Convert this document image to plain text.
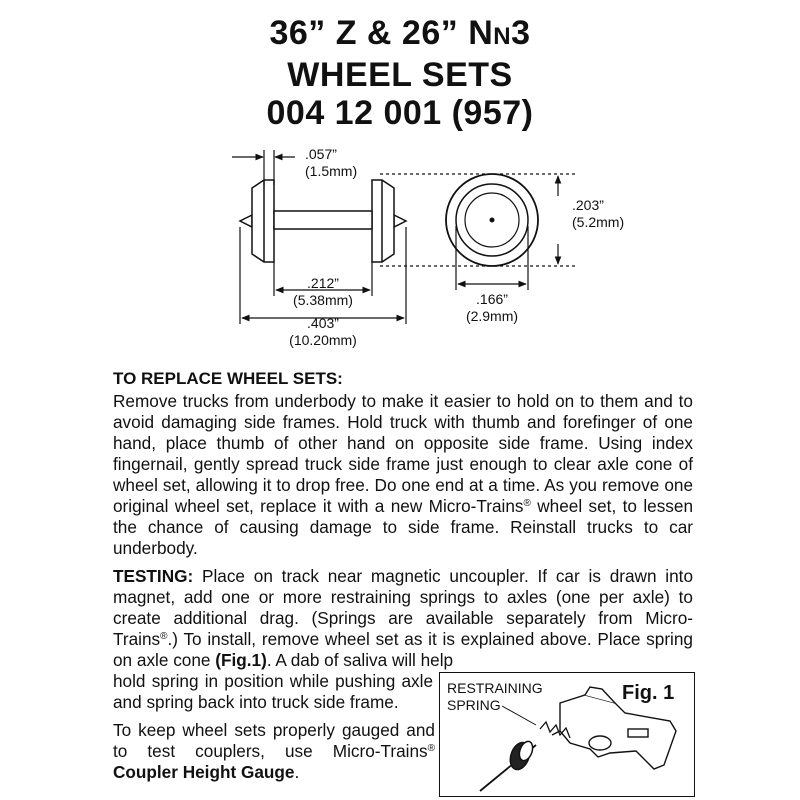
36” Z & 26” NN3
WHEEL SETS
004 12 001 (957)
.057”
(1.5mm)
.212”
(5.38mm)
.403”
(10.20mm)
.203”
(5.2mm)
.166”
(2.9mm)
TO REPLACE WHEEL SETS:

Remove trucks from underbody to make it easier to hold on to them and to avoid damaging side frames. Hold truck with thumb and forefinger of one hand, place thumb of other hand on opposite side frame. Using index fingernail, gently spread truck side frame just enough to clear axle cone of wheel set, allowing it to drop free. Do one end at a time. As you remove one original wheel set, replace it with a new Micro-Trains® wheel set, to lessen the chance of causing damage to side frame. Reinstall trucks to car underbody.

TESTING: Place on track near magnetic uncoupler. If car is drawn into magnet, add one or more restraining springs to axles (one per axle) to create additional drag. (Springs are available separately from Micro-Trains®.) To install, remove wheel set as it is explained above. Place spring on axle cone (Fig.1). A dab of saliva will help

hold spring in position while pushing axle and spring back into truck side frame.

To keep wheel sets properly gauged and to test couplers, use Micro-Trains® Coupler Height Gauge.

Fig. 1
RESTRAINING
SPRING
